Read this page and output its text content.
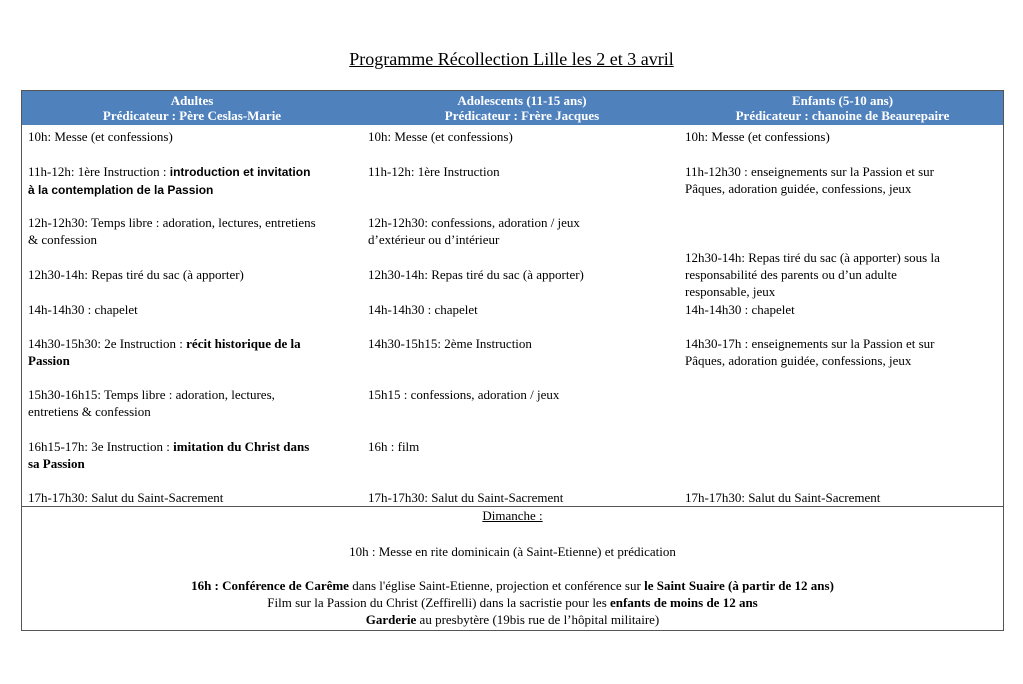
Programme Récollection Lille les 2 et 3 avril
Adultes
Prédicateur : Père Ceslas-Marie
Adolescents (11-15 ans)
Prédicateur : Frère Jacques
Enfants (5-10 ans)
Prédicateur : chanoine de Beaurepaire
10h: Messe (et confessions)
11h-12h: 1ère Instruction : introduction et invitation
à la contemplation de la Passion
12h-12h30: Temps libre : adoration, lectures, entretiens
& confession
12h30-14h: Repas tiré du sac (à apporter)
14h-14h30 : chapelet
14h30-15h30: 2e Instruction : récit historique de la
Passion
15h30-16h15: Temps libre : adoration, lectures,
entretiens & confession
16h15-17h: 3e Instruction : imitation du Christ dans
sa Passion
17h-17h30: Salut du Saint-Sacrement
10h: Messe (et confessions)
11h-12h: 1ère Instruction
12h-12h30: confessions, adoration / jeux
d’extérieur ou d’intérieur
12h30-14h: Repas tiré du sac (à apporter)
14h-14h30 : chapelet
14h30-15h15: 2ème Instruction
15h15 : confessions, adoration / jeux
16h : film
17h-17h30: Salut du Saint-Sacrement
10h: Messe (et confessions)
11h-12h30 : enseignements sur la Passion et sur
Pâques, adoration guidée, confessions, jeux
12h30-14h: Repas tiré du sac (à apporter) sous la
responsabilité des parents ou d’un adulte
responsable, jeux
14h-14h30 : chapelet
14h30-17h : enseignements sur la Passion et sur
Pâques, adoration guidée, confessions, jeux
17h-17h30: Salut du Saint-Sacrement
Dimanche :
10h : Messe en rite dominicain (à Saint-Etienne) et prédication
16h : Conférence de Carême dans l'église Saint-Etienne, projection et conférence sur le Saint Suaire (à partir de 12 ans)
Film sur la Passion du Christ (Zeffirelli) dans la sacristie pour les enfants de moins de 12 ans
Garderie au presbytère (19bis rue de l’hôpital militaire)
